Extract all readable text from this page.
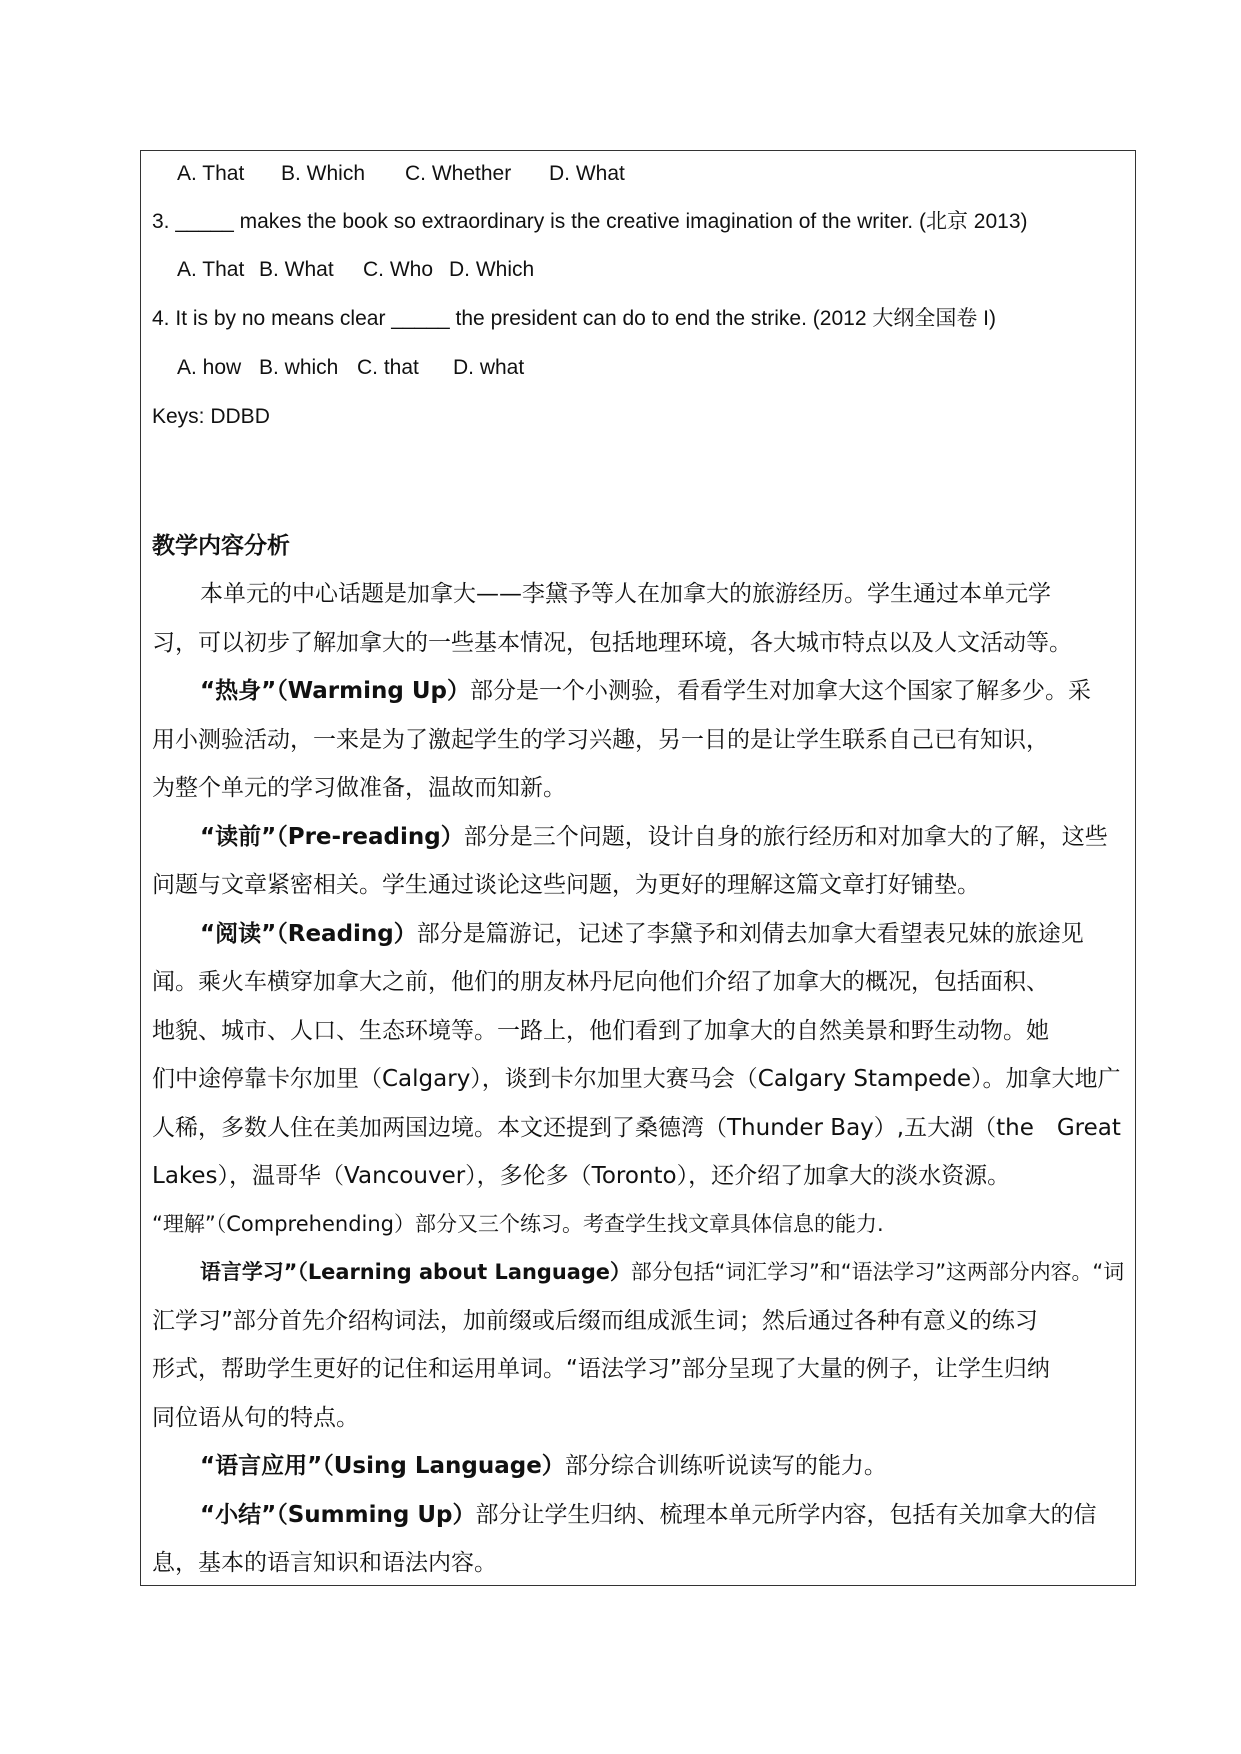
A. That B. Which C. Whether D. What
3. _____ makes the book so extraordinary is the creative imagination of the writer. (北京 2013)
A. That B. What C. Who D. Which
4. It is by no means clear _____ the president can do to end the strike. (2012 大纲全国卷 I)
A. how B. which C. that D. what
Keys: DDBD
教学内容分析
本单元的中心话题是加拿大——李黛予等人在加拿大的旅游经历。学生通过本单元学
习，可以初步了解加拿大的一些基本情况，包括地理环境，各大城市特点以及人文活动等。
“热身”（Warming Up）部分是一个小测验，看看学生对加拿大这个国家了解多少。采
用小测验活动，一来是为了激起学生的学习兴趣，另一目的是让学生联系自己已有知识，
为整个单元的学习做准备，温故而知新。
“读前”（Pre-reading）部分是三个问题，设计自身的旅行经历和对加拿大的了解，这些
问题与文章紧密相关。学生通过谈论这些问题，为更好的理解这篇文章打好铺垫。
“阅读”（Reading）部分是篇游记，记述了李黛予和刘倩去加拿大看望表兄妹的旅途见
闻。乘火车横穿加拿大之前，他们的朋友林丹尼向他们介绍了加拿大的概况，包括面积、
地貌、城市、人口、生态环境等。一路上，他们看到了加拿大的自然美景和野生动物。她
们中途停靠卡尔加里（Calgary），谈到卡尔加里大赛马会（Calgary Stampede）。加拿大地广
人稀，多数人住在美加两国边境。本文还提到了桑德湾（Thunder Bay）,五大湖（the　Great
Lakes），温哥华（Vancouver），多伦多（Toronto），还介绍了加拿大的淡水资源。
“理解”（Comprehending）部分又三个练习。考查学生找文章具体信息的能力.
语言学习”（Learning about Language）部分包括“词汇学习”和“语法学习”这两部分内容。“词
汇学习”部分首先介绍构词法，加前缀或后缀而组成派生词；然后通过各种有意义的练习
形式，帮助学生更好的记住和运用单词。“语法学习”部分呈现了大量的例子，让学生归纳
同位语从句的特点。
“语言应用”（Using Language）部分综合训练听说读写的能力。
“小结”（Summing Up）部分让学生归纳、梳理本单元所学内容，包括有关加拿大的信
息，基本的语言知识和语法内容。
